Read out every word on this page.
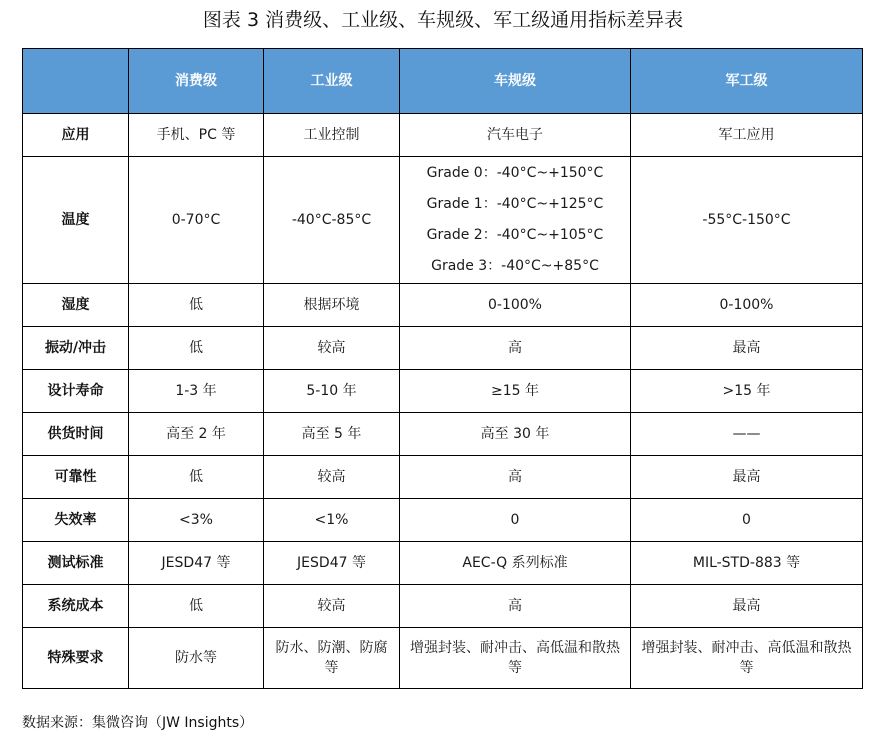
图表 3 消费级、工业级、车规级、军工级通用指标差异表
	消费级	工业级	车规级	军工级
应用	手机、PC 等	工业控制	汽车电子	军工应用
温度	0-70°C	-40°C-85°C	Grade 0：-40°C~+150°C
Grade 1：-40°C~+125°C
Grade 2：-40°C~+105°C
Grade 3：-40°C~+85°C	-55°C-150°C
湿度	低	根据环境	0-100%	0-100%
振动/冲击	低	较高	高	最高
设计寿命	1-3 年	5-10 年	≥15 年	>15 年
供货时间	高至 2 年	高至 5 年	高至 30 年	——
可靠性	低	较高	高	最高
失效率	<3%	<1%	0	0
测试标准	JESD47 等	JESD47 等	AEC-Q 系列标准	MIL-STD-883 等
系统成本	低	较高	高	最高
特殊要求	防水等	防水、防潮、防腐等	增强封装、耐冲击、高低温和散热等	增强封装、耐冲击、高低温和散热等
数据来源：集微咨询（JW Insights）
